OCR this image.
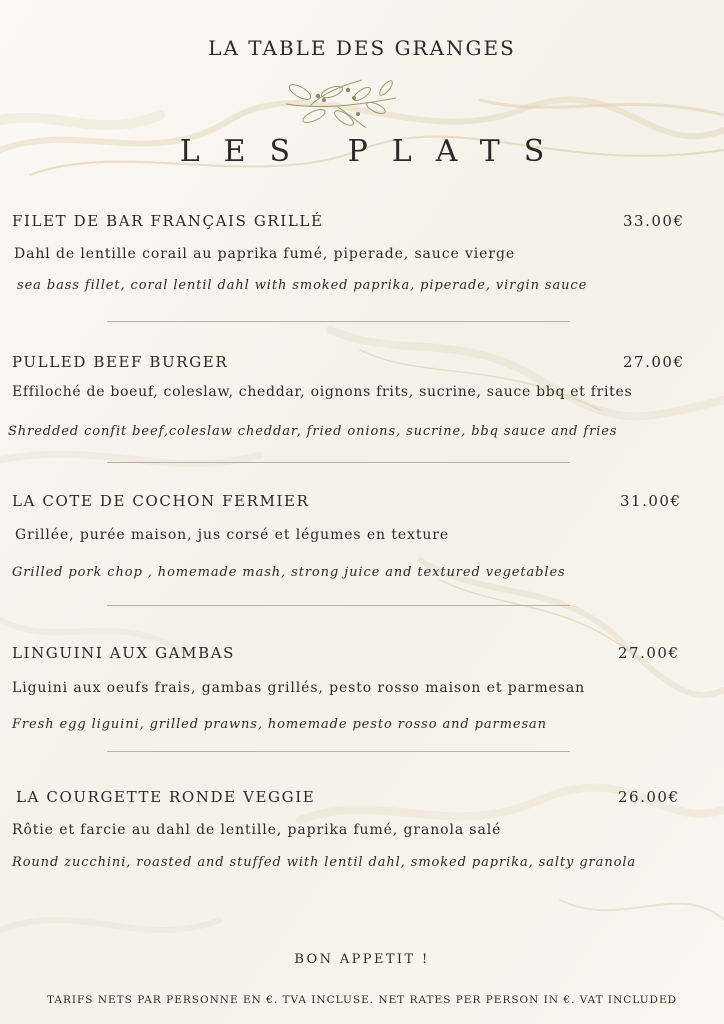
LA TABLE DES GRANGES
LES PLATS
FILET DE BAR FRANÇAIS GRILLÉ	33.00€
Dahl de lentille corail au paprika fumé, piperade, sauce vierge
sea bass fillet, coral lentil dahl with smoked paprika, piperade, virgin sauce
PULLED BEEF BURGER	27.00€
Effiloché de boeuf, coleslaw, cheddar, oignons frits, sucrine, sauce bbq et frites
Shredded confit beef,coleslaw cheddar, fried onions, sucrine, bbq sauce and fries
LA COTE DE COCHON FERMIER	31.00€
Grillée, purée maison, jus corsé et légumes en texture
Grilled pork chop , homemade mash, strong juice and textured vegetables
LINGUINI AUX GAMBAS	27.00€
Liguini aux oeufs frais, gambas grillés, pesto rosso maison et parmesan
Fresh egg liguini, grilled prawns, homemade pesto rosso and parmesan
LA COURGETTE RONDE VEGGIE	26.00€
Rôtie et farcie au dahl de lentille, paprika fumé, granola salé
Round zucchini, roasted and stuffed with lentil dahl, smoked paprika, salty granola
BON APPETIT !
TARIFS NETS PAR PERSONNE EN €. TVA INCLUSE. NET RATES PER PERSON IN €. VAT INCLUDED
